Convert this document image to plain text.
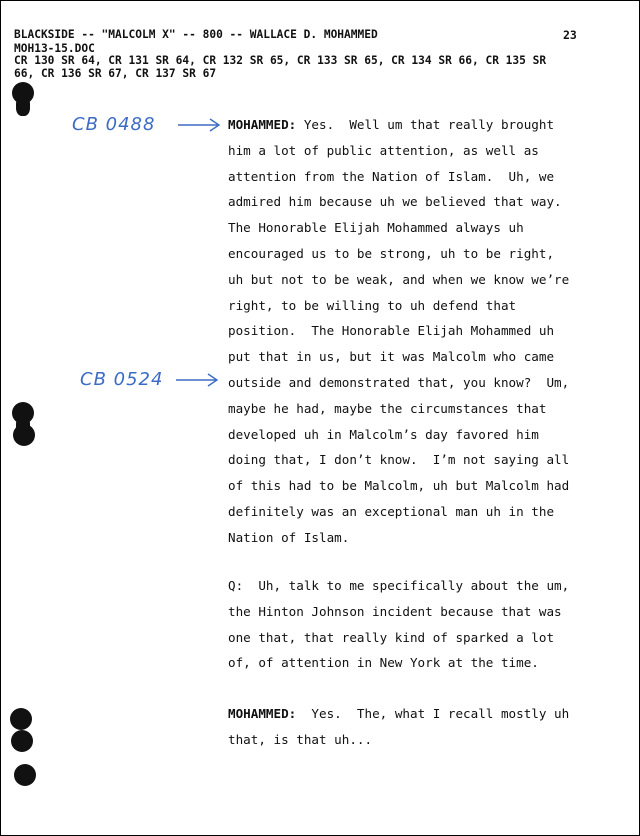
BLACKSIDE -- "MALCOLM X" -- 800 -- WALLACE D. MOHAMMED	23
MOH13-15.DOC
CR 130 SR 64, CR 131 SR 64, CR 132 SR 65, CR 133 SR 65, CR 134 SR 66, CR 135 SR
66, CR 136 SR 67, CR 137 SR 67
CB 0488
CB 0524
MOHAMMED: Yes.  Well um that really brought
him a lot of public attention, as well as
attention from the Nation of Islam.  Uh, we
admired him because uh we believed that way.
The Honorable Elijah Mohammed always uh
encouraged us to be strong, uh to be right,
uh but not to be weak, and when we know we’re
right, to be willing to uh defend that
position.  The Honorable Elijah Mohammed uh
put that in us, but it was Malcolm who came
outside and demonstrated that, you know?  Um,
maybe he had, maybe the circumstances that
developed uh in Malcolm’s day favored him
doing that, I don’t know.  I’m not saying all
of this had to be Malcolm, uh but Malcolm had
definitely was an exceptional man uh in the
Nation of Islam.
Q:  Uh, talk to me specifically about the um,
the Hinton Johnson incident because that was
one that, that really kind of sparked a lot
of, of attention in New York at the time.
MOHAMMED:  Yes.  The, what I recall mostly uh
that, is that uh...
